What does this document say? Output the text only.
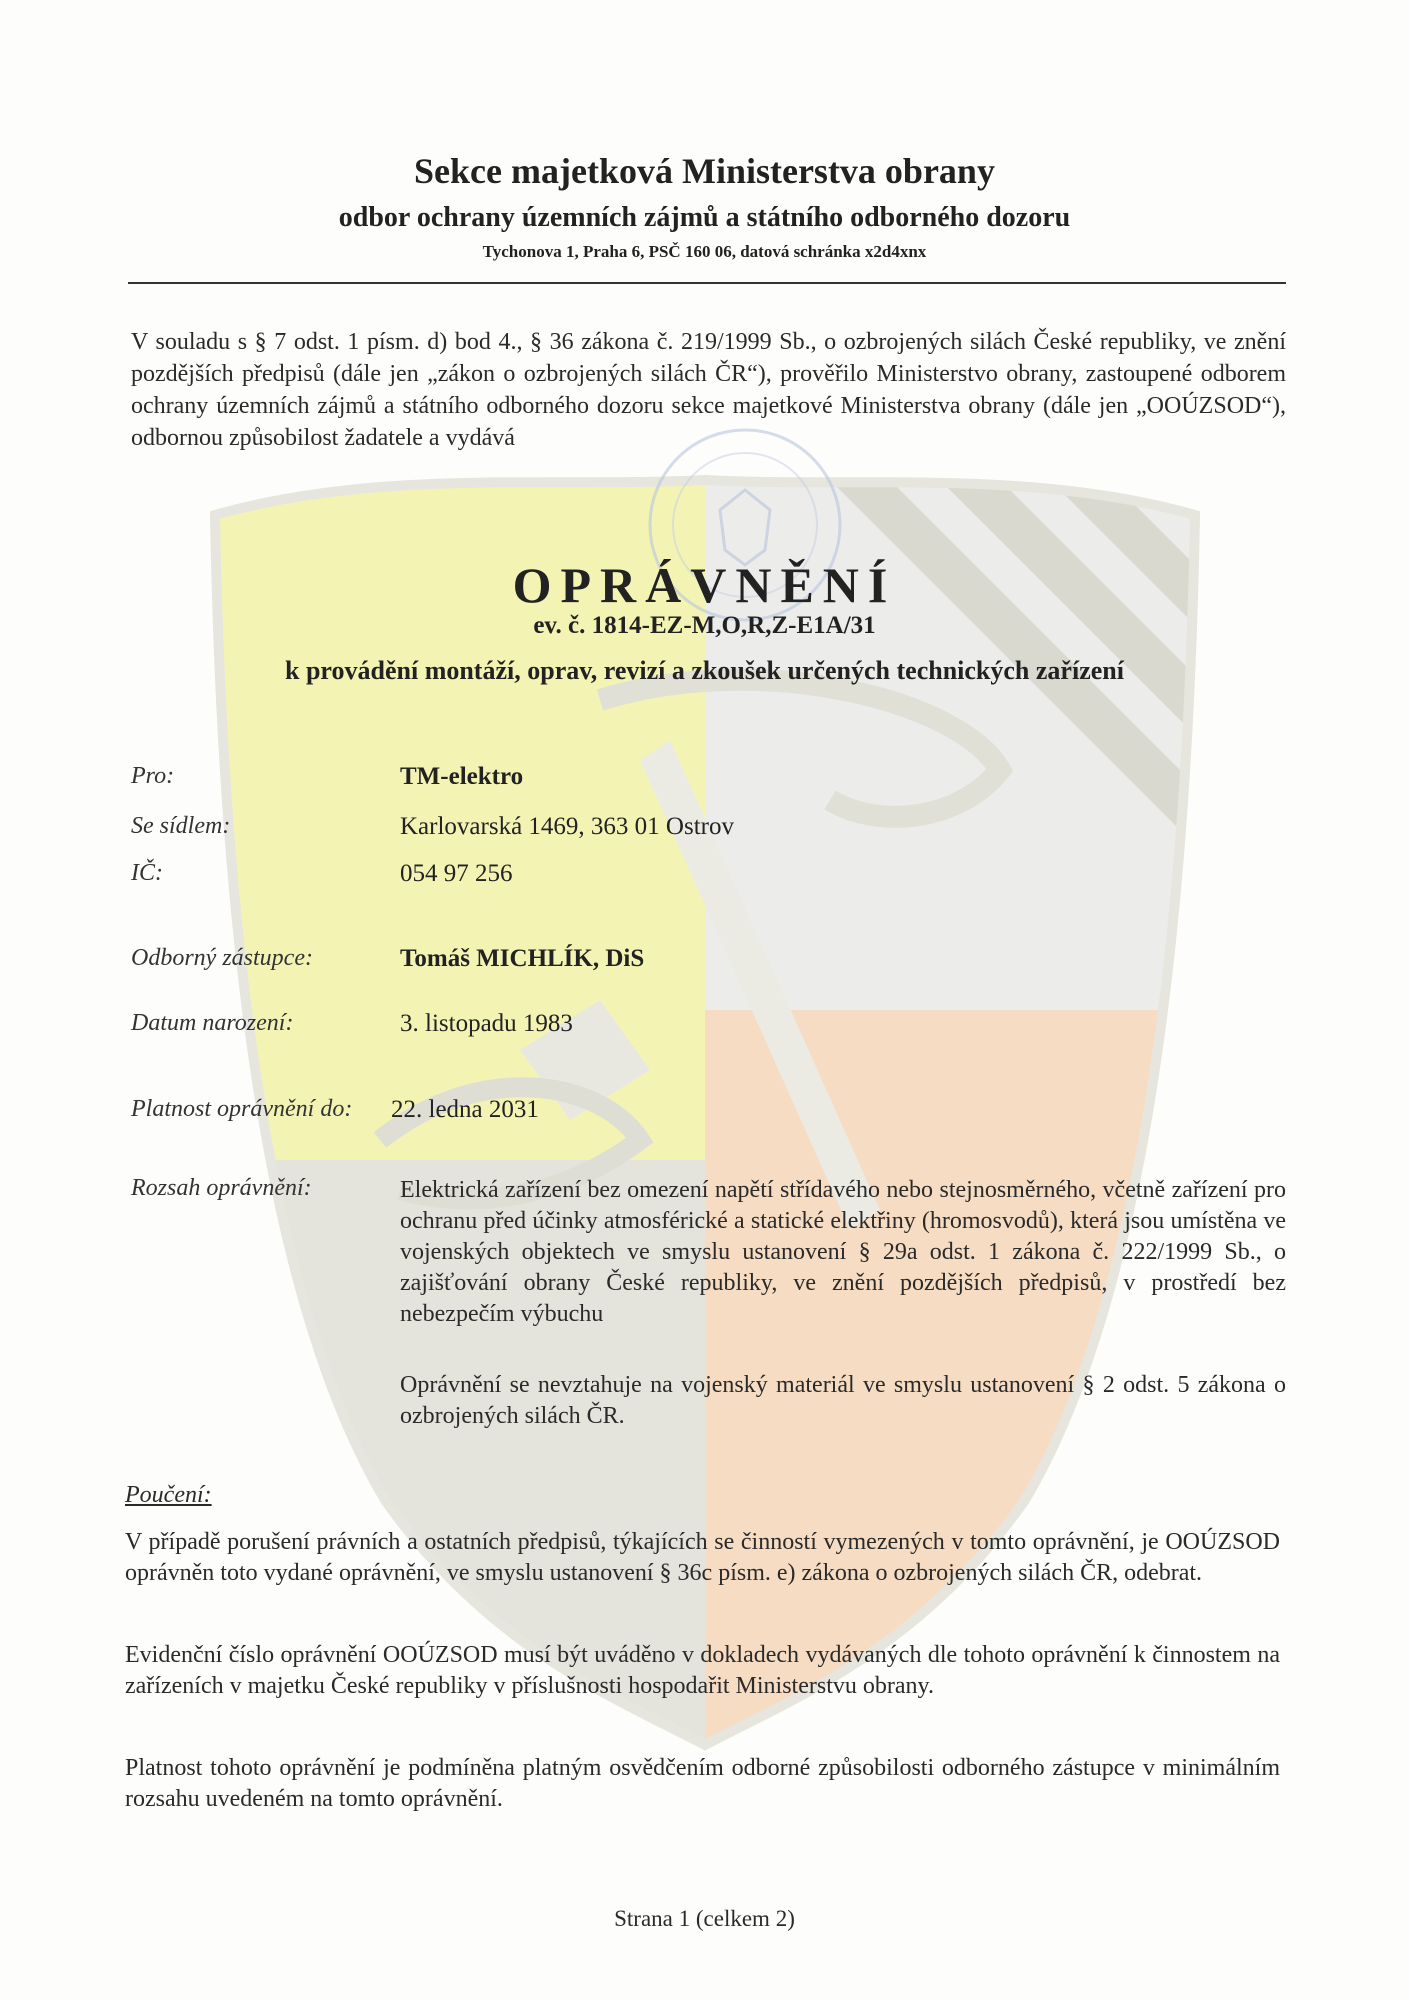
Sekce majetková Ministerstva obrany
odbor ochrany územních zájmů a státního odborného dozoru
Tychonova 1, Praha 6, PSČ 160 06, datová schránka x2d4xnx
V souladu s § 7 odst. 1 písm. d) bod 4., § 36 zákona č. 219/1999 Sb., o ozbrojených silách České republiky, ve znění pozdějších předpisů (dále jen „zákon o ozbrojených silách ČR“), prověřilo Ministerstvo obrany, zastoupené odborem ochrany územních zájmů a státního odborného dozoru sekce majetkové Ministerstva obrany (dále jen „OOÚZSOD“), odbornou způsobilost žadatele a vydává
OPRÁVNĚNÍ
ev. č. 1814-EZ-M,O,R,Z-E1A/31
k provádění montáží, oprav, revizí a zkoušek určených technických zařízení
Pro:	TM-elektro
Se sídlem:	Karlovarská 1469, 363 01 Ostrov
IČ:	054 97 256
Odborný zástupce:	Tomáš MICHLÍK, DiS
Datum narození:	3. listopadu 1983
Platnost oprávnění do: 22. ledna 2031
Rozsah oprávnění:	Elektrická zařízení bez omezení napětí střídavého nebo stejnosměrného, včetně zařízení pro ochranu před účinky atmosférické a statické elektřiny (hromosvodů), která jsou umístěna ve vojenských objektech ve smyslu ustanovení § 29a odst. 1 zákona č. 222/1999 Sb., o zajišťování obrany České republiky, ve znění pozdějších předpisů, v prostředí bez nebezpečím výbuchu
Oprávnění se nevztahuje na vojenský materiál ve smyslu ustanovení § 2 odst. 5 zákona o ozbrojených silách ČR.
Poučení:
V případě porušení právních a ostatních předpisů, týkajících se činností vymezených v tomto oprávnění, je OOÚZSOD oprávněn toto vydané oprávnění, ve smyslu ustanovení § 36c písm. e) zákona o ozbrojených silách ČR, odebrat.
Evidenční číslo oprávnění OOÚZSOD musí být uváděno v dokladech vydávaných dle tohoto oprávnění k činnostem na zařízeních v majetku České republiky v příslušnosti hospodařit Ministerstvu obrany.
Platnost tohoto oprávnění je podmíněna platným osvědčením odborné způsobilosti odborného zástupce v minimálním rozsahu uvedeném na tomto oprávnění.
Strana 1 (celkem 2)
